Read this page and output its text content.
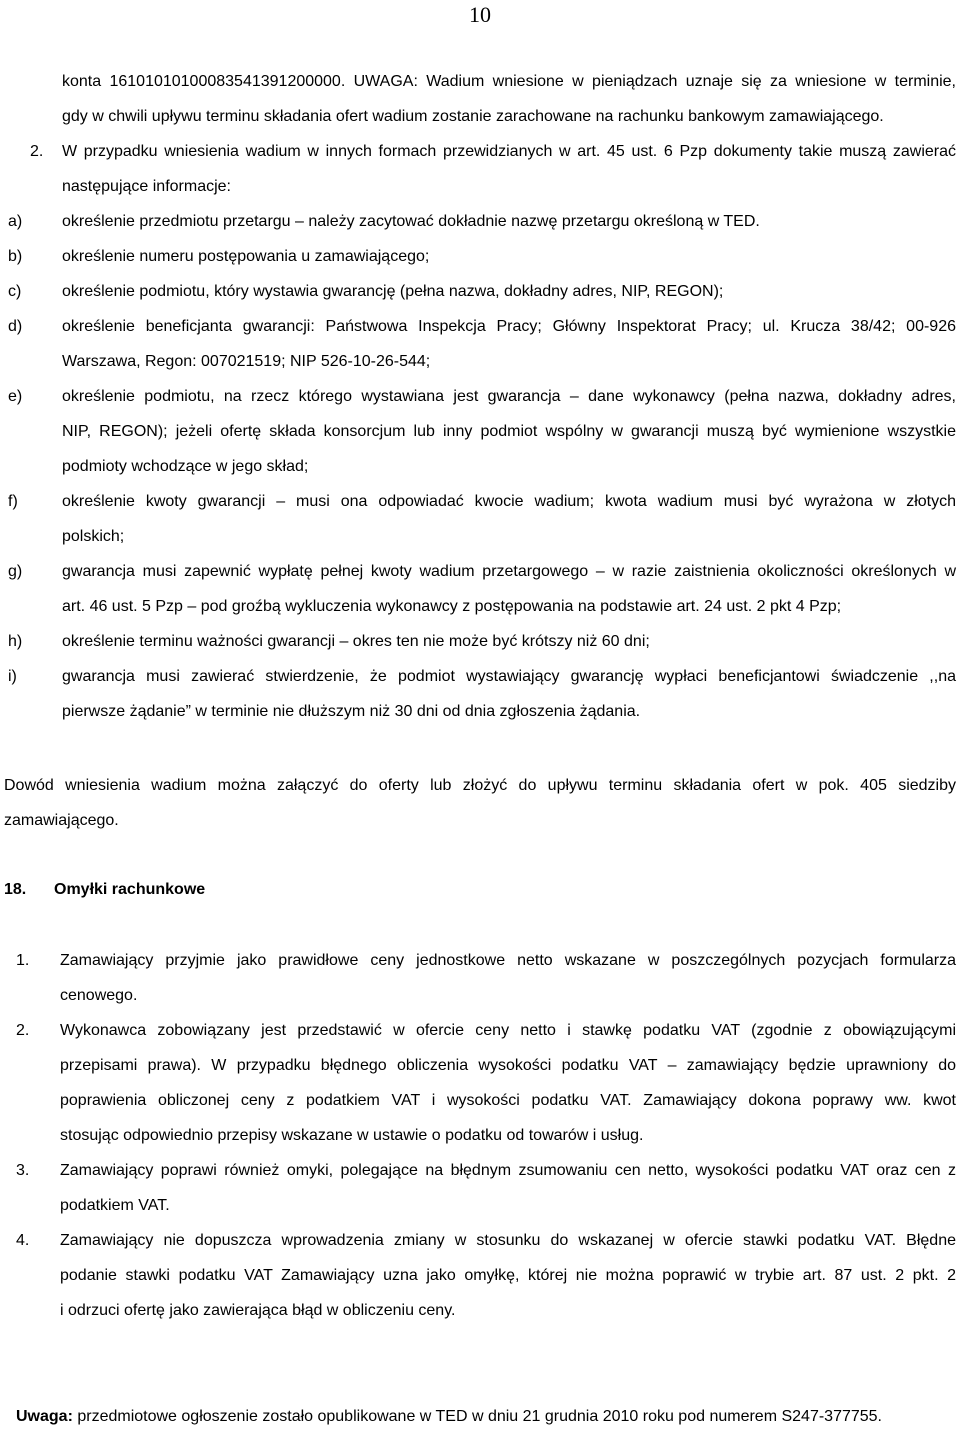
10
konta 16101010100083541391200000. UWAGA: Wadium wniesione w pieniądzach uznaje się za wniesione w terminie,
gdy w chwili upływu terminu składania ofert wadium zostanie zarachowane na rachunku bankowym zamawiającego.
2. W przypadku wniesienia wadium w innych formach przewidzianych w art. 45 ust. 6 Pzp dokumenty takie muszą zawierać
następujące informacje:
a) określenie przedmiotu przetargu – należy zacytować dokładnie nazwę przetargu określoną w TED.
b) określenie numeru postępowania u zamawiającego;
c)	określenie podmiotu, który wystawia gwarancję (pełna nazwa, dokładny adres, NIP, REGON);
d) określenie beneficjanta gwarancji: Państwowa Inspekcja Pracy; Główny Inspektorat Pracy; ul. Krucza 38/42; 00-926
Warszawa, Regon: 007021519; NIP 526-10-26-544;
e) określenie podmiotu, na rzecz którego wystawiana jest gwarancja – dane wykonawcy (pełna nazwa, dokładny adres,
NIP, REGON); jeżeli ofertę składa konsorcjum lub inny podmiot wspólny w gwarancji muszą być wymienione wszystkie
podmioty wchodzące w jego skład;
f)	określenie kwoty gwarancji – musi ona odpowiadać kwocie wadium; kwota wadium musi być wyrażona w złotych
polskich;
g) gwarancja musi zapewnić wypłatę pełnej kwoty wadium przetargowego – w razie zaistnienia okoliczności określonych w
art. 46 ust. 5 Pzp – pod groźbą wykluczenia wykonawcy z postępowania na podstawie art. 24 ust. 2 pkt 4 Pzp;
h) określenie terminu ważności gwarancji – okres ten nie może być krótszy niż 60 dni;
i)	gwarancja musi zawierać stwierdzenie, że podmiot wystawiający gwarancję wypłaci beneficjantowi świadczenie ,,na
pierwsze żądanie” w terminie nie dłuższym niż 30 dni od dnia zgłoszenia żądania.
Dowód wniesienia wadium można załączyć do oferty lub złożyć do upływu terminu składania ofert w pok. 405 siedziby
zamawiającego.
18. Omyłki rachunkowe
1. Zamawiający przyjmie jako prawidłowe ceny jednostkowe netto wskazane w poszczególnych pozycjach formularza
cenowego.
2. Wykonawca zobowiązany jest przedstawić w ofercie ceny netto i stawkę podatku VAT (zgodnie z obowiązującymi
przepisami prawa). W przypadku błędnego obliczenia wysokości podatku VAT – zamawiający będzie uprawniony do
poprawienia obliczonej ceny z podatkiem VAT i wysokości podatku VAT. Zamawiający dokona poprawy ww. kwot
stosując odpowiednio przepisy wskazane w ustawie o podatku od towarów i usług.
3. Zamawiający poprawi również omyki, polegające na błędnym zsumowaniu cen netto, wysokości podatku VAT oraz cen z
podatkiem VAT.
4. Zamawiający nie dopuszcza wprowadzenia zmiany w stosunku do wskazanej w ofercie stawki podatku VAT. Błędne
podanie stawki podatku VAT Zamawiający uzna jako omyłkę, której nie można poprawić w trybie art. 87 ust. 2 pkt. 2
i odrzuci ofertę jako zawierająca błąd w obliczeniu ceny.
Uwaga: przedmiotowe ogłoszenie zostało opublikowane w TED w dniu 21 grudnia 2010 roku pod numerem S247-377755.
